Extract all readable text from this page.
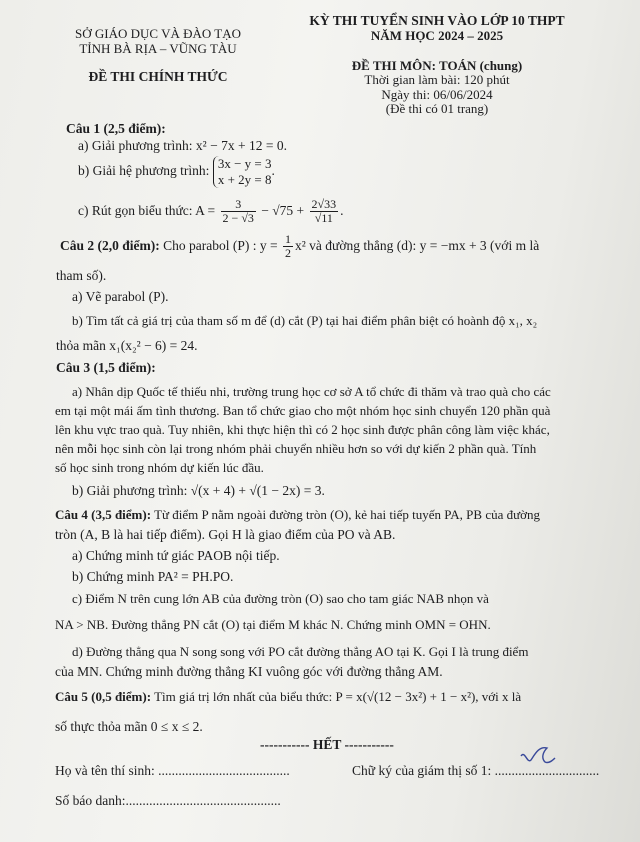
SỞ GIÁO DỤC VÀ ĐÀO TẠO
TỈNH BÀ RỊA – VŨNG TÀU
ĐỀ THI CHÍNH THỨC
KỲ THI TUYỂN SINH VÀO LỚP 10 THPT
NĂM HỌC 2024 – 2025
ĐỀ THI MÔN: TOÁN (chung)
Thời gian làm bài: 120 phút
Ngày thi: 06/06/2024
(Đề thi có 01 trang)
Câu 1 (2,5 điểm):
a) Giải phương trình: x² − 7x + 12 = 0.
b) Giải hệ phương trình: 3x − y = 3
x + 2y = 8
.
c) Rút gọn biểu thức: $A = \frac{3}{2 - √3} - √75 + \frac{2√33}{√11}$ .
Câu 2 (2,0 điểm): Cho parabol (P) : $y = \frac{1}{2} x^2$ và đường thẳng (d): y = −mx + 3 (với m là
tham số).
a) Vẽ parabol (P).
b) Tìm tất cả giá trị của tham số m để (d) cắt (P) tại hai điểm phân biệt có hoành độ x₁, x₂
thỏa mãn x₁(x₂² − 6) = 24.
Câu 3 (1,5 điểm):
a) Nhân dịp Quốc tế thiếu nhi, trường trung học cơ sở A tổ chức đi thăm và trao quà cho các
em tại một mái ấm tình thương. Ban tổ chức giao cho một nhóm học sinh chuyển 120 phần quà
lên khu vực trao quà. Tuy nhiên, khi thực hiện thì có 2 học sinh được phân công làm việc khác,
nên mỗi học sinh còn lại trong nhóm phải chuyển nhiều hơn so với dự kiến 2 phần quà. Tính
số học sinh trong nhóm dự kiến lúc đầu.
b) Giải phương trình: √(x + 4) + √(1 − 2x) = 3.
Câu 4 (3,5 điểm): Từ điểm P nằm ngoài đường tròn (O), kẻ hai tiếp tuyến PA, PB của đường
tròn (A, B là hai tiếp điểm). Gọi H là giao điểm của PO và AB.
a) Chứng minh tứ giác PAOB nội tiếp.
b) Chứng minh PA² = PH.PO.
c) Điểm N trên cung lớn AB của đường tròn (O) sao cho tam giác NAB nhọn và
NA > NB. Đường thẳng PN cắt (O) tại điểm M khác N. Chứng minh OMN = OHN.
d) Đường thẳng qua N song song với PO cắt đường thẳng AO tại K. Gọi I là trung điểm
của MN. Chứng minh đường thẳng KI vuông góc với đường thẳng AM.
Câu 5 (0,5 điểm): Tìm giá trị lớn nhất của biểu thức: P = x(√(12 − 3x²) + 1 − x²), với x là
số thực thỏa mãn 0 ≤ x ≤ 2.
----------- HẾT -----------
Họ và tên thí sinh: .......................................	Chữ ký của giám thị số 1: ...............................
Số báo danh:..............................................
